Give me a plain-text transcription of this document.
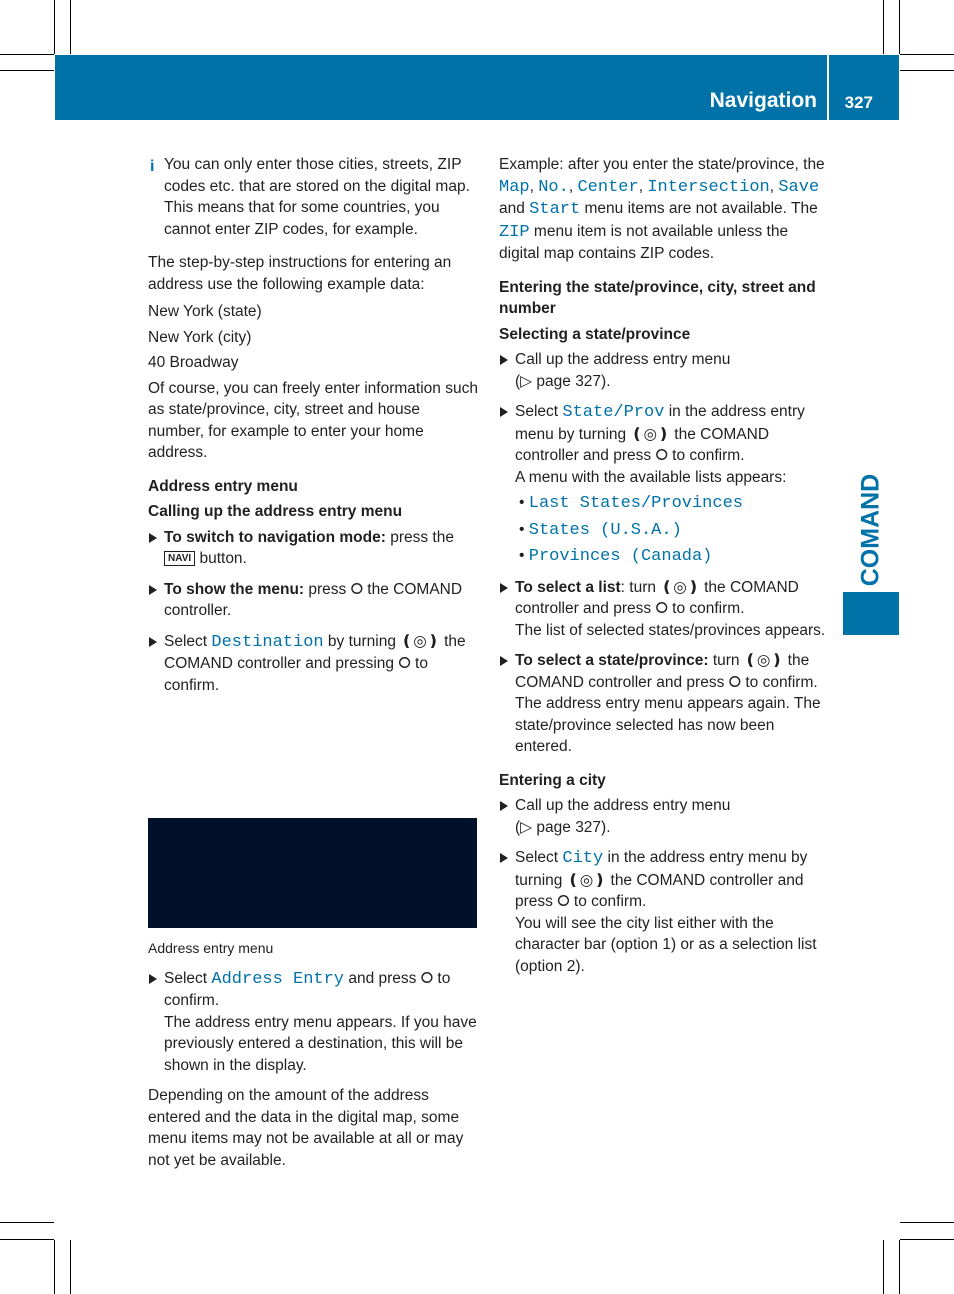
Navigation 327
COMAND
i You can only enter those cities, streets, ZIP codes etc. that are stored on the digital map. This means that for some countries, you cannot enter ZIP codes, for example.

The step-by-step instructions for entering an address use the following example data:

New York (state)
New York (city)
40 Broadway

Of course, you can freely enter information such as state/province, city, street and house number, for example to enter your home address.

Address entry menu
Calling up the address entry menu
To switch to navigation mode: press the NAVI button.
To show the menu: press ⭘ the COMAND controller.
Select Destination by turning ❪◎❫ the COMAND controller and pressing ⭘ to confirm.
Address entry menu
Select Address Entry and press ⭘ to confirm.
The address entry menu appears. If you have previously entered a destination, this will be shown in the display.

Depending on the amount of the address entered and the data in the digital map, some menu items may not be available at all or may not yet be available.

Example: after you enter the state/province, the Map, No., Center, Intersection, Save and Start menu items are not available. The ZIP menu item is not available unless the digital map contains ZIP codes.

Entering the state/province, city, street and number
Selecting a state/province
Call up the address entry menu
(▷ page 327).
Select State/Prov in the address entry menu by turning ❪◎❫ the COMAND controller and press ⭘ to confirm.
A menu with the available lists appears:
• Last States/Provinces
• States (U.S.A.)
• Provinces (Canada)
To select a list: turn ❪◎❫ the COMAND controller and press ⭘ to confirm.
The list of selected states/provinces appears.
To select a state/province: turn ❪◎❫ the COMAND controller and press ⭘ to confirm.
The address entry menu appears again. The state/province selected has now been entered.
Entering a city
Call up the address entry menu
(▷ page 327).
Select City in the address entry menu by turning ❪◎❫ the COMAND controller and press ⭘ to confirm.
You will see the city list either with the character bar (option 1) or as a selection list (option 2).
